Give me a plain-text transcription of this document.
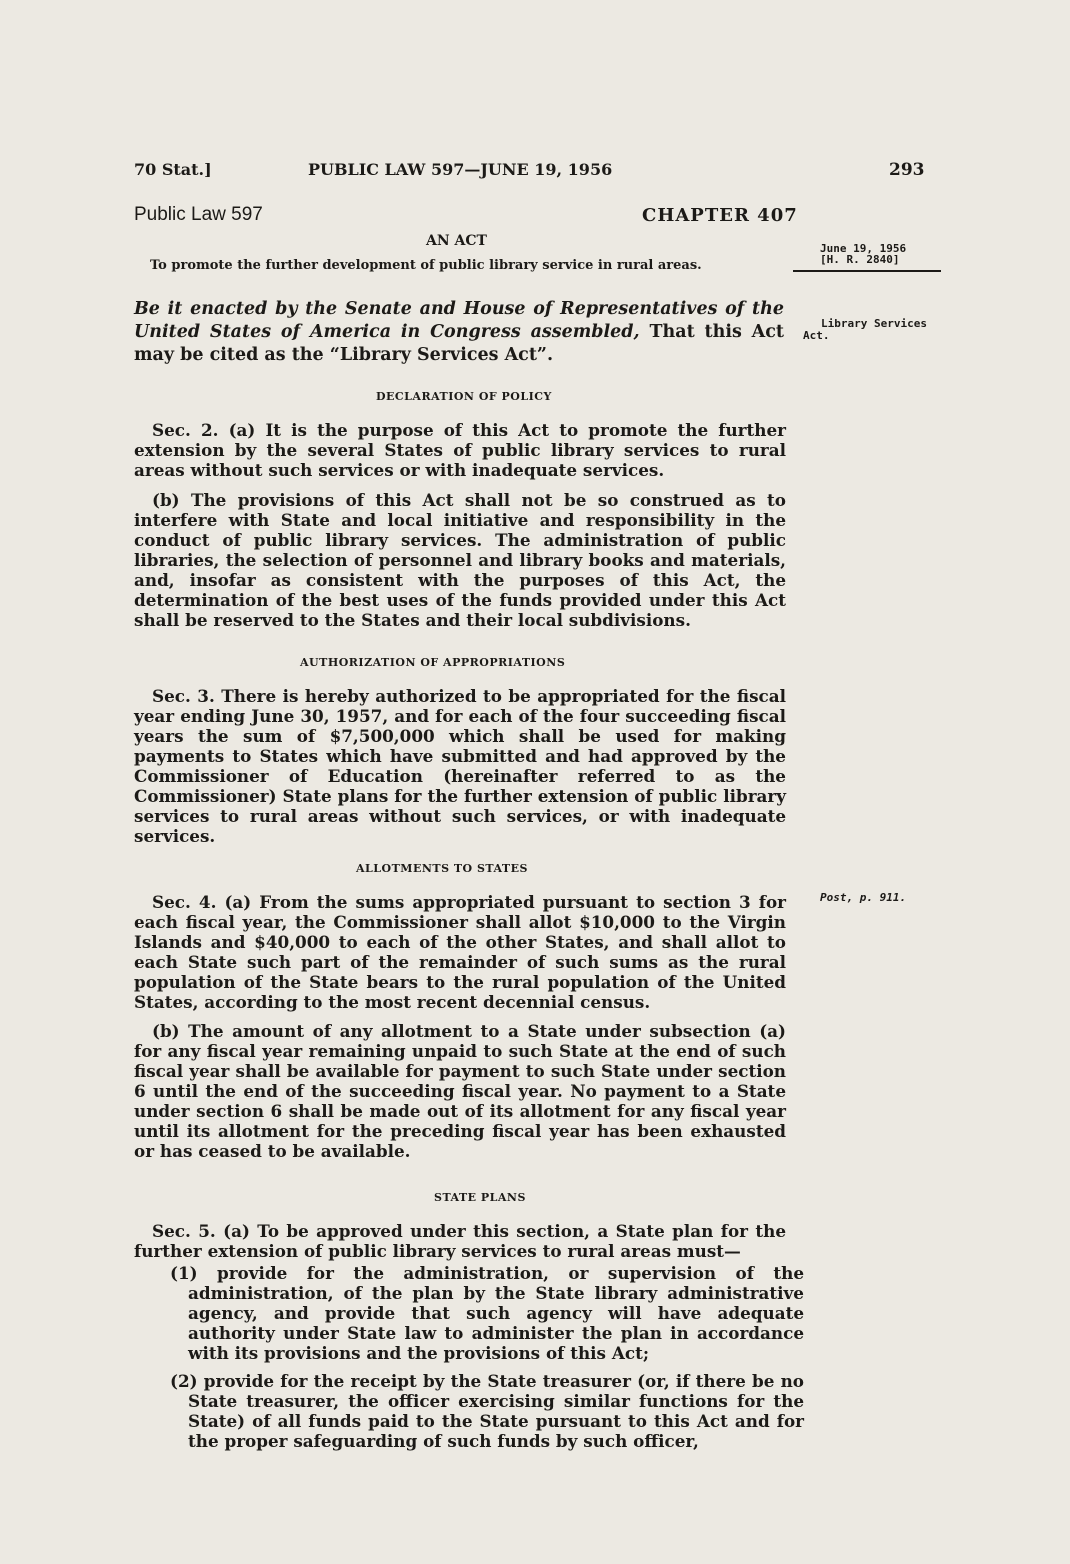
70 Stat.]	PUBLIC LAW 597—JUNE 19, 1956	293
Public Law 597	CHAPTER 407
AN ACT
To promote the further development of public library service in rural areas.
June 19, 1956
[H. R. 2840]
Library Services
Act.
Post, p. 911.
Be it enacted by the Senate and House of Representatives of the United States of America in Congress assembled, That this Act may be cited as the “Library Services Act”.
DECLARATION OF POLICY
Sec. 2. (a) It is the purpose of this Act to promote the further extension by the several States of public library services to rural areas without such services or with inadequate services.
(b) The provisions of this Act shall not be so construed as to interfere with State and local initiative and responsibility in the conduct of public library services. The administration of public libraries, the selection of personnel and library books and materials, and, insofar as consistent with the purposes of this Act, the determination of the best uses of the funds provided under this Act shall be reserved to the States and their local subdivisions.
AUTHORIZATION OF APPROPRIATIONS
Sec. 3. There is hereby authorized to be appropriated for the fiscal year ending June 30, 1957, and for each of the four succeeding fiscal years the sum of $7,500,000 which shall be used for making payments to States which have submitted and had approved by the Commissioner of Education (hereinafter referred to as the Commissioner) State plans for the further extension of public library services to rural areas without such services, or with inadequate services.
ALLOTMENTS TO STATES
Sec. 4. (a) From the sums appropriated pursuant to section 3 for each fiscal year, the Commissioner shall allot $10,000 to the Virgin Islands and $40,000 to each of the other States, and shall allot to each State such part of the remainder of such sums as the rural population of the State bears to the rural population of the United States, according to the most recent decennial census.
(b) The amount of any allotment to a State under subsection (a) for any fiscal year remaining unpaid to such State at the end of such fiscal year shall be available for payment to such State under section 6 until the end of the succeeding fiscal year. No payment to a State under section 6 shall be made out of its allotment for any fiscal year until its allotment for the preceding fiscal year has been exhausted or has ceased to be available.
STATE PLANS
Sec. 5. (a) To be approved under this section, a State plan for the further extension of public library services to rural areas must—
(1) provide for the administration, or supervision of the administration, of the plan by the State library administrative agency, and provide that such agency will have adequate authority under State law to administer the plan in accordance with its provisions and the provisions of this Act;
(2) provide for the receipt by the State treasurer (or, if there be no State treasurer, the officer exercising similar functions for the State) of all funds paid to the State pursuant to this Act and for the proper safeguarding of such funds by such officer,
